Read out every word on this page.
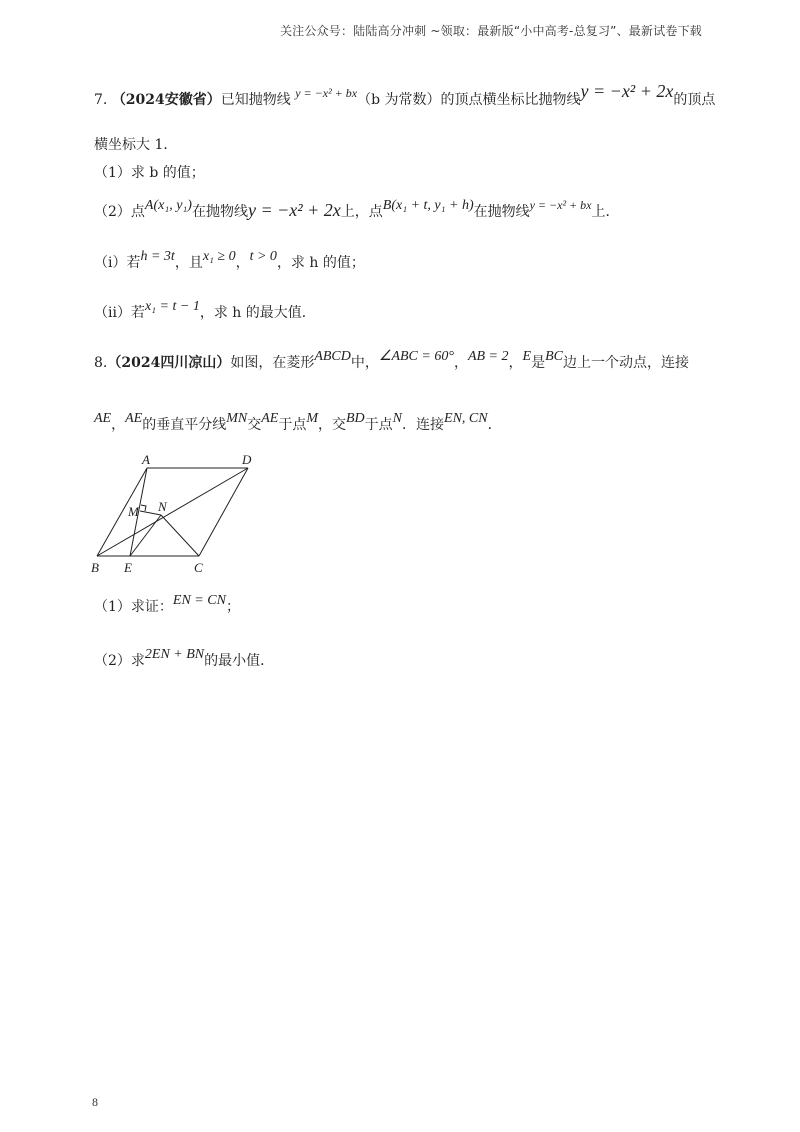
关注公众号：陆陆高分冲刺 ~领取：最新版“小中高考-总复习”、最新试卷下载
7. （2024安徽省）已知抛物线 y = −x² + bx（b 为常数）的顶点横坐标比抛物线y = −x² + 2x的顶点
横坐标大 1．
（1）求 b 的值；
（2）点A(x₁, y₁)在抛物线y = −x² + 2x上，点B(x₁ + t, y₁ + h)在抛物线y = −x² + bx上．
（ⅰ）若h = 3t，且x₁ ≥ 0，t > 0，求 h 的值；
（ⅱ）若x₁ = t − 1，求 h 的最大值．
8.（2024四川凉山）如图，在菱形ABCD中，∠ABC = 60°，AB = 2，E是BC边上一个动点，连接
AE，AE的垂直平分线MN交AE于点M，交BD于点N．连接EN, CN．
A	D
B E	C
M N
（1）求证：EN = CN；
（2）求2EN + BN的最小值．
8
